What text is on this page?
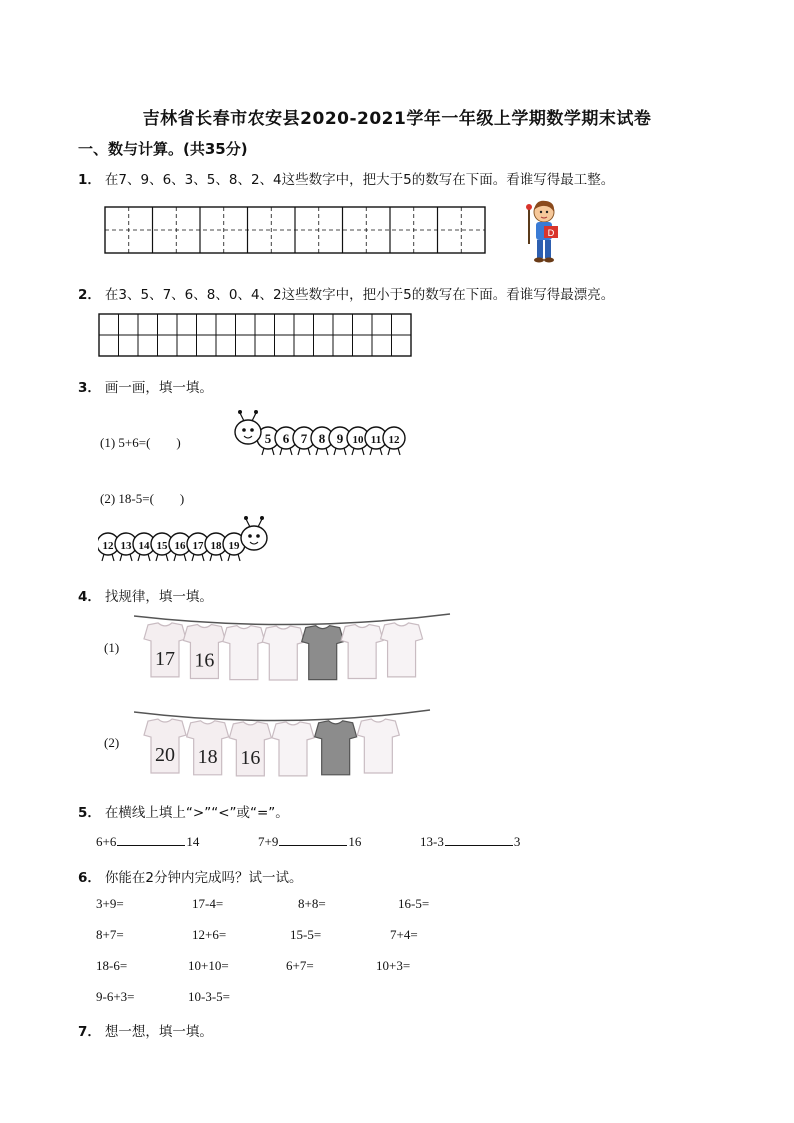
吉林省长春市农安县2020-2021学年一年级上学期数学期末试卷
一、数与计算。(共35分)
1． 在7、9、6、3、5、8、2、4这些数字中，把大于5的数写在下面。看谁写得最工整。
D
2． 在3、5、7、6、8、0、4、2这些数字中，把小于5的数写在下面。看谁写得最漂亮。
3． 画一画，填一填。
(1) 5+6=(　　)	5 6 7 8 9 10 11 12
(2) 18-5=(　　)
12 13 14 15 16 17 18 19
4． 找规律，填一填。
(1)
17 16
(2)
20 18 16
5． 在横线上填上“>”“<”或“=”。
6+6	14	7+9	16	13-3	3
6． 你能在2分钟内完成吗？试一试。
3+9=	17-4=	8+8=	16-5=
8+7=	12+6=	15-5=	7+4=
18-6=	10+10=	6+7=	10+3=
9-6+3=	10-3-5=
7． 想一想，填一填。
